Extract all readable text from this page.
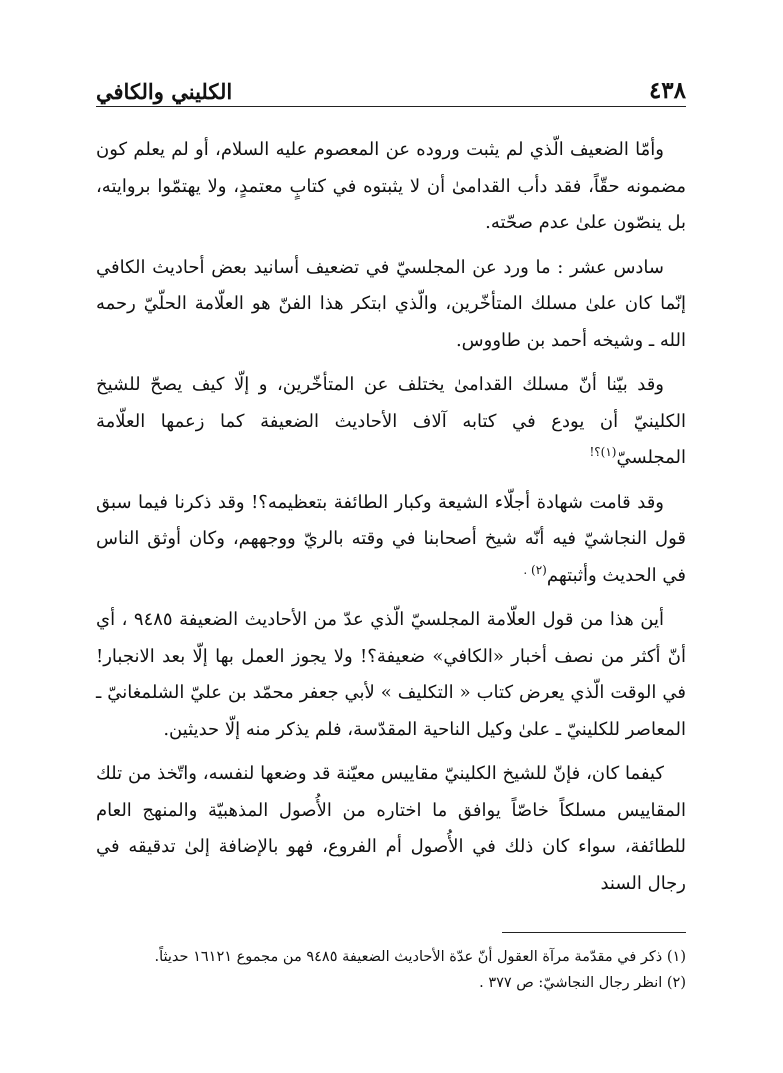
٤٣٨
الكليني والكافي

وأمّا الضعيف الّذي لم يثبت وروده عن المعصوم عليه السلام، أو لم يعلم كون مضمونه حقّاً، فقد دأب القدامىٰ أن لا يثبتوه في كتابٍ معتمدٍ، ولا يهتمّوا بروايته، بل ينصّون علىٰ عدم صحّته.

سادس عشر : ما ورد عن المجلسيّ في تضعيف أسانيد بعض أحاديث الكافي إنّما كان علىٰ مسلك المتأخّرين، والّذي ابتكر هذا الفنّ هو العلّامة الحلّيّ رحمه الله ـ وشيخه أحمد بن طاووس.

وقد بيّنا أنّ مسلك القدامىٰ يختلف عن المتأخّرين، و إلّا كيف يصحّ للشيخ الكلينيّ أن يودع في كتابه آلاف الأحاديث الضعيفة كما زعمها العلّامة المجلسيّ$^{(١)؟!}$

وقد قامت شهادة أجلّاء الشيعة وكبار الطائفة بتعظيمه؟! وقد ذكرنا فيما سبق قول النجاشيّ فيه أنّه شيخ أصحابنا في وقته بالريّ ووجههم، وكان أوثق الناس في الحديث وأثبتهم$^{(٢) .}$

أين هذا من قول العلّامة المجلسيّ الّذي عدّ من الأحاديث الضعيفة ٩٤٨٥ ، أي أنّ أكثر من نصف أخبار «الكافي» ضعيفة؟! ولا يجوز العمل بها إلّا بعد الانجبار! في الوقت الّذي يعرض كتاب « التكليف » لأبي جعفر محمّد بن عليّ الشلمغانيّ ـ المعاصر للكلينيّ ـ علىٰ وكيل الناحية المقدّسة، فلم يذكر منه إلّا حديثين.

كيفما كان، فإنّ للشيخ الكلينيّ مقاييس معيّنة قد وضعها لنفسه، واتّخذ من تلك المقاييس مسلكاً خاصّاً يوافق ما اختاره من الأُصول المذهبيّة والمنهج العام للطائفة، سواء كان ذلك في الأُصول أم الفروع، فهو بالإضافة إلىٰ تدقيقه في رجال السند

(١) ذكر في مقدّمة مرآة العقول أنّ عدّة الأحاديث الضعيفة ٩٤٨٥ من مجموع ١٦١٢١ حديثاً.
(٢) انظر رجال النجاشيّ: ص ٣٧٧ .
